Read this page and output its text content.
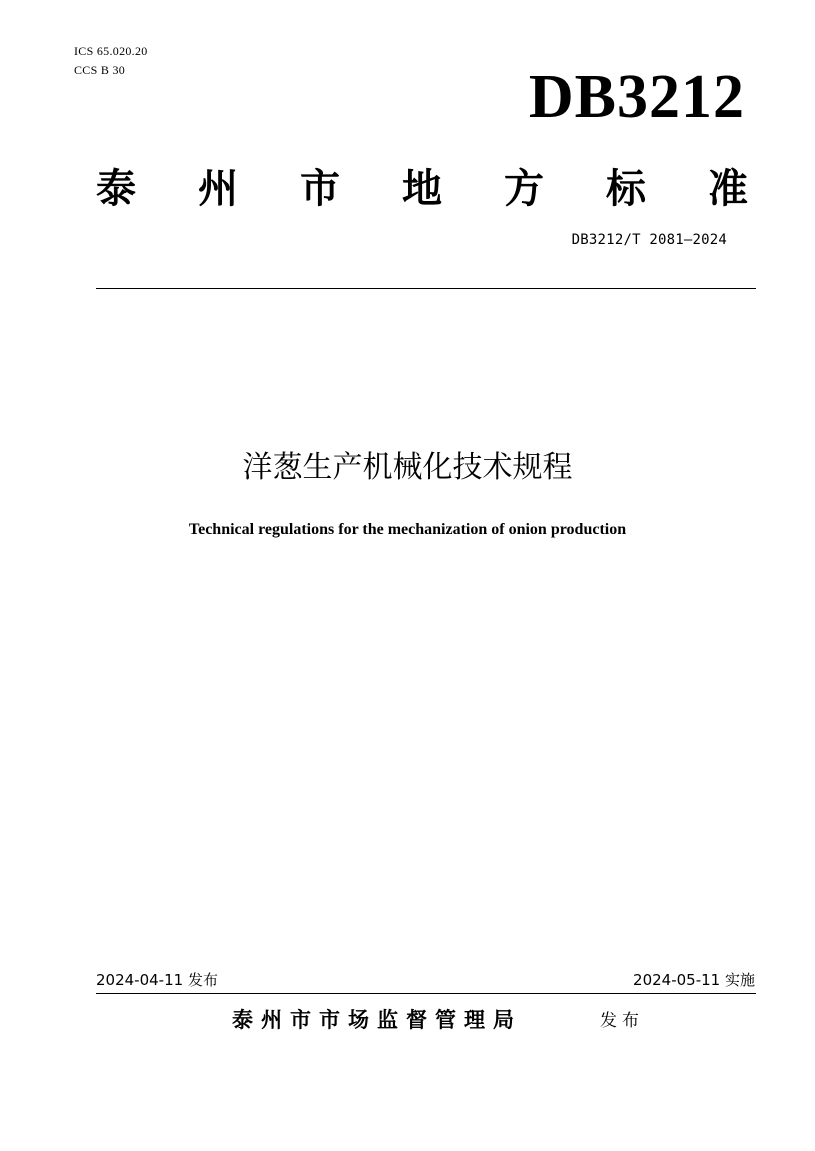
ICS 65.020.20
CCS B 30	DB3212
泰 州 市 地 方 标 准
DB3212/T 2081—2024
洋葱生产机械化技术规程
Technical regulations for the mechanization of onion production
2024-04-11 发布	2024-05-11 实施
泰州市市场监督管理局	发布
